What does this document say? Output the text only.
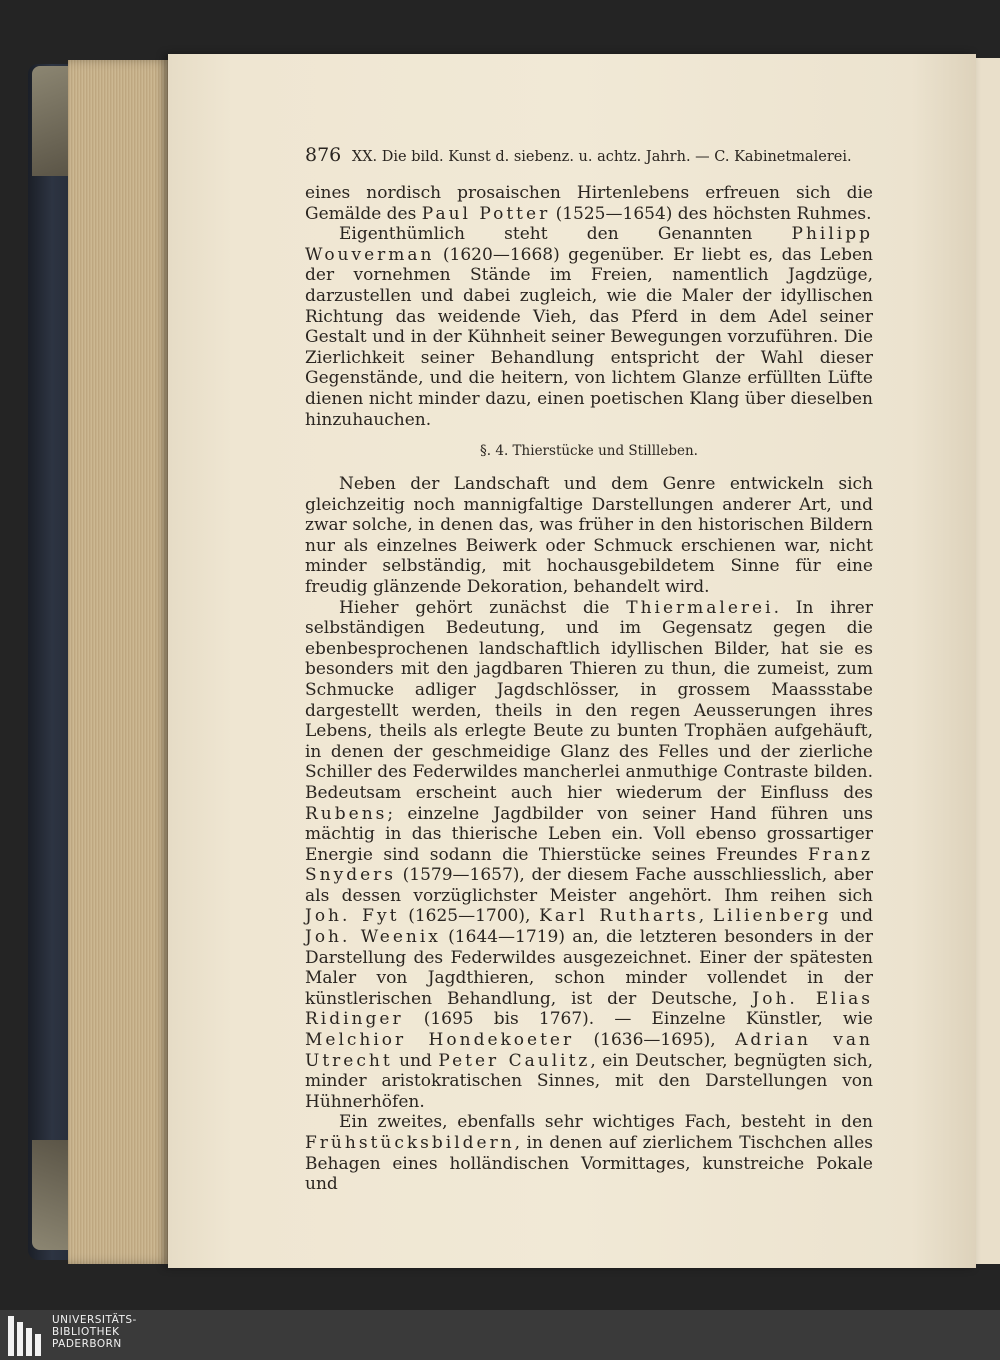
876 XX. Die bild. Kunst d. siebenz. u. achtz. Jahrh. — C. Kabinetmalerei.

eines nordisch prosaischen Hirtenlebens erfreuen sich die Gemälde des Paul Potter (1525—1654) des höchsten Ruhmes.

Eigenthümlich steht den Genannten Philipp Wouverman (1620—1668) gegenüber. Er liebt es, das Leben der vornehmen Stände im Freien, namentlich Jagdzüge, darzustellen und dabei zugleich, wie die Maler der idyllischen Richtung das weidende Vieh, das Pferd in dem Adel seiner Gestalt und in der Kühnheit seiner Bewegungen vorzuführen. Die Zierlichkeit seiner Behandlung entspricht der Wahl dieser Gegenstände, und die heitern, von lichtem Glanze erfüllten Lüfte dienen nicht minder dazu, einen poetischen Klang über dieselben hinzuhauchen.

§. 4. Thierstücke und Stillleben.

Neben der Landschaft und dem Genre entwickeln sich gleichzeitig noch mannigfaltige Darstellungen anderer Art, und zwar solche, in denen das, was früher in den historischen Bildern nur als einzelnes Beiwerk oder Schmuck erschienen war, nicht minder selbständig, mit hochausgebildetem Sinne für eine freudig glänzende Dekoration, behandelt wird.

Hieher gehört zunächst die Thiermalerei. In ihrer selbständigen Bedeutung, und im Gegensatz gegen die ebenbesprochenen landschaftlich idyllischen Bilder, hat sie es besonders mit den jagdbaren Thieren zu thun, die zumeist, zum Schmucke adliger Jagdschlösser, in grossem Maassstabe dargestellt werden, theils in den regen Aeusserungen ihres Lebens, theils als erlegte Beute zu bunten Trophäen aufgehäuft, in denen der geschmeidige Glanz des Felles und der zierliche Schiller des Federwildes mancherlei anmuthige Contraste bilden. Bedeutsam erscheint auch hier wiederum der Einfluss des Rubens; einzelne Jagdbilder von seiner Hand führen uns mächtig in das thierische Leben ein. Voll ebenso grossartiger Energie sind sodann die Thierstücke seines Freundes Franz Snyders (1579—1657), der diesem Fache ausschliesslich, aber als dessen vorzüglichster Meister angehört. Ihm reihen sich Joh. Fyt (1625—1700), Karl Rutharts, Lilienberg und Joh. Weenix (1644—1719) an, die letzteren besonders in der Darstellung des Federwildes ausgezeichnet. Einer der spätesten Maler von Jagdthieren, schon minder vollendet in der künstlerischen Behandlung, ist der Deutsche, Joh. Elias Ridinger (1695 bis 1767). — Einzelne Künstler, wie Melchior Hondekoeter (1636—1695), Adrian van Utrecht und Peter Caulitz, ein Deutscher, begnügten sich, minder aristokratischen Sinnes, mit den Darstellungen von Hühnerhöfen.

Ein zweites, ebenfalls sehr wichtiges Fach, besteht in den Frühstücksbildern, in denen auf zierlichem Tischchen alles Behagen eines holländischen Vormittages, kunstreiche Pokale und

UNIVERSITÄTS-
BIBLIOTHEK
PADERBORN
